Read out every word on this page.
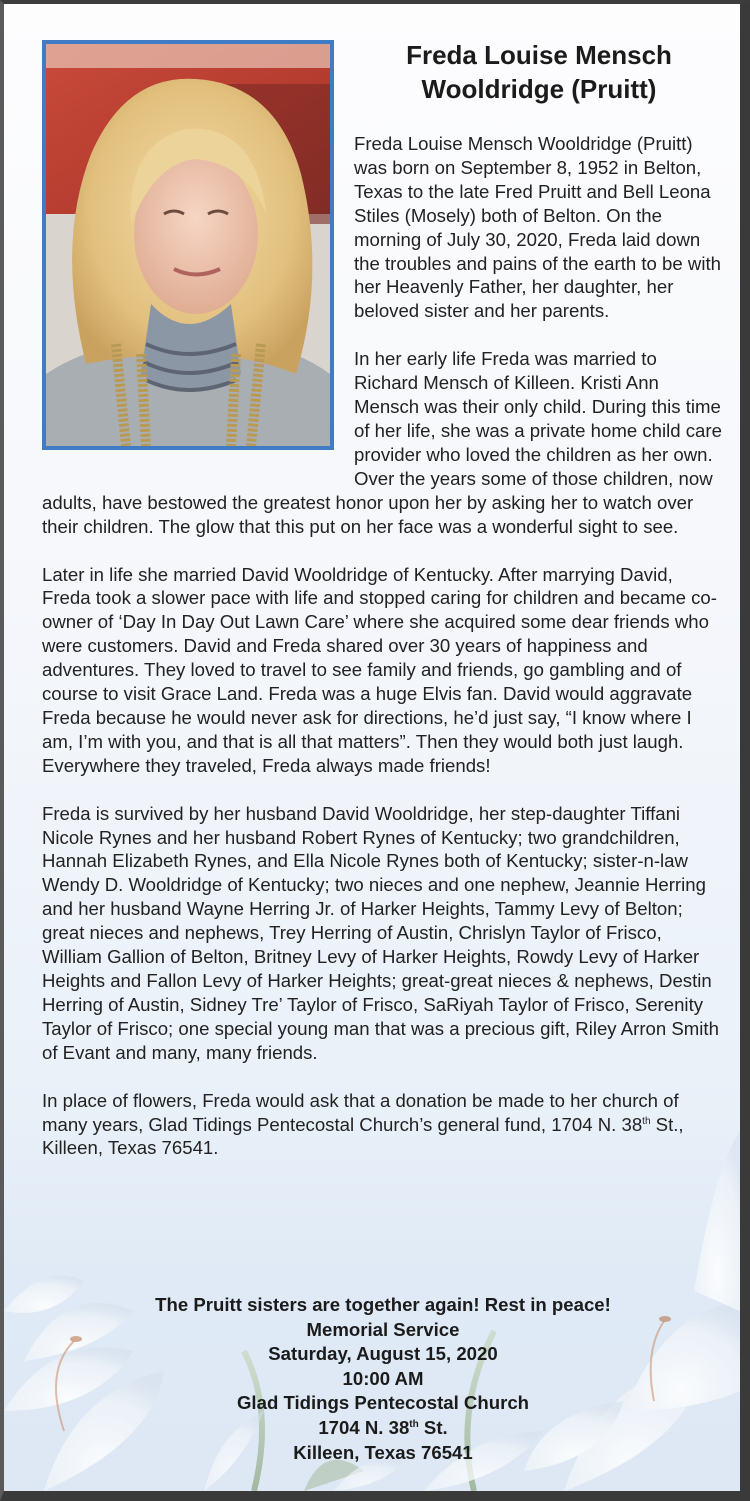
Freda Louise Mensch
Wooldridge (Pruitt)

Freda Louise Mensch Wooldridge (Pruitt) was born on September 8, 1952 in Belton, Texas to the late Fred Pruitt and Bell Leona Stiles (Mosely) both of Belton. On the morning of July 30, 2020, Freda laid down the troubles and pains of the earth to be with her Heavenly Father, her daughter, her beloved sister and her parents.

In her early life Freda was married to Richard Mensch of Killeen. Kristi Ann Mensch was their only child. During this time of her life, she was a private home child care provider who loved the children as her own. Over the years some of those children, now adults, have bestowed the greatest honor upon her by asking her to watch over their children. The glow that this put on her face was a wonderful sight to see.

Later in life she married David Wooldridge of Kentucky. After marrying David, Freda took a slower pace with life and stopped caring for children and became co-owner of ‘Day In Day Out Lawn Care’ where she acquired some dear friends who were customers. David and Freda shared over 30 years of happiness and adventures. They loved to travel to see family and friends, go gambling and of course to visit Grace Land. Freda was a huge Elvis fan. David would aggravate Freda because he would never ask for directions, he’d just say, “I know where I am, I’m with you, and that is all that matters”. Then they would both just laugh. Everywhere they traveled, Freda always made friends!

Freda is survived by her husband David Wooldridge, her step-daughter Tiffani Nicole Rynes and her husband Robert Rynes of Kentucky; two grandchildren, Hannah Elizabeth Rynes, and Ella Nicole Rynes both of Kentucky; sister-n-law Wendy D. Wooldridge of Kentucky; two nieces and one nephew, Jeannie Herring and her husband Wayne Herring Jr. of Harker Heights, Tammy Levy of Belton; great nieces and nephews, Trey Herring of Austin, Chrislyn Taylor of Frisco, William Gallion of Belton, Britney Levy of Harker Heights, Rowdy Levy of Harker Heights and Fallon Levy of Harker Heights; great-great nieces & nephews, Destin Herring of Austin, Sidney Tre’ Taylor of Frisco, SaRiyah Taylor of Frisco, Serenity Taylor of Frisco; one special young man that was a precious gift, Riley Arron Smith of Evant and many, many friends.

In place of flowers, Freda would ask that a donation be made to her church of many years, Glad Tidings Pentecostal Church’s general fund, 1704 N. 38th St., Killeen, Texas 76541.

The Pruitt sisters are together again! Rest in peace!
Memorial Service
Saturday, August 15, 2020
10:00 AM
Glad Tidings Pentecostal Church
1704 N. 38th St.
Killeen, Texas 76541
